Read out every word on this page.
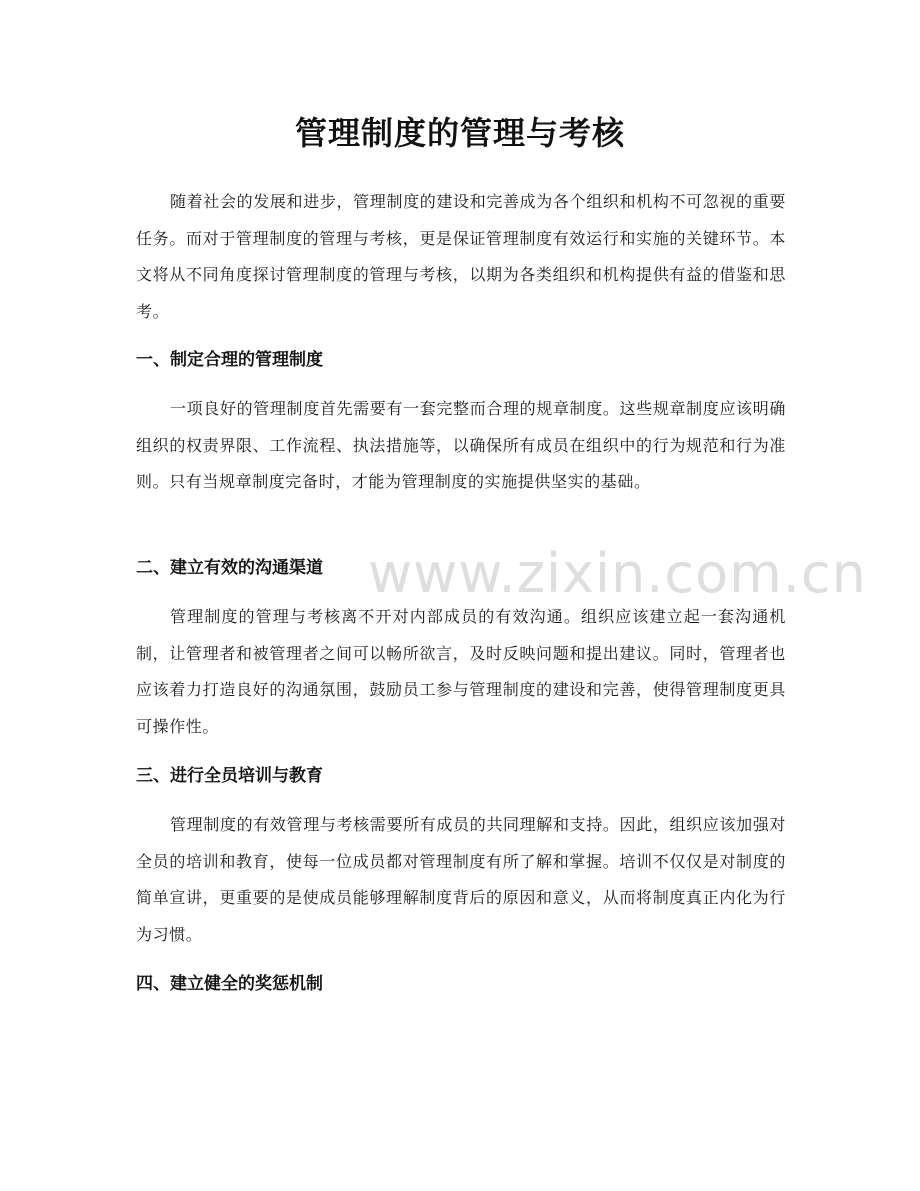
管理制度的管理与考核

随着社会的发展和进步，管理制度的建设和完善成为各个组织和机构不可忽视的重要任务。而对于管理制度的管理与考核，更是保证管理制度有效运行和实施的关键环节。本文将从不同角度探讨管理制度的管理与考核，以期为各类组织和机构提供有益的借鉴和思考。

一、制定合理的管理制度

一项良好的管理制度首先需要有一套完整而合理的规章制度。这些规章制度应该明确组织的权责界限、工作流程、执法措施等，以确保所有成员在组织中的行为规范和行为准则。只有当规章制度完备时，才能为管理制度的实施提供坚实的基础。

二、建立有效的沟通渠道

管理制度的管理与考核离不开对内部成员的有效沟通。组织应该建立起一套沟通机制，让管理者和被管理者之间可以畅所欲言，及时反映问题和提出建议。同时，管理者也应该着力打造良好的沟通氛围，鼓励员工参与管理制度的建设和完善，使得管理制度更具可操作性。

三、进行全员培训与教育

管理制度的有效管理与考核需要所有成员的共同理解和支持。因此，组织应该加强对全员的培训和教育，使每一位成员都对管理制度有所了解和掌握。培训不仅仅是对制度的简单宣讲，更重要的是使成员能够理解制度背后的原因和意义，从而将制度真正内化为行为习惯。

四、建立健全的奖惩机制
www.zixin.com.cn
